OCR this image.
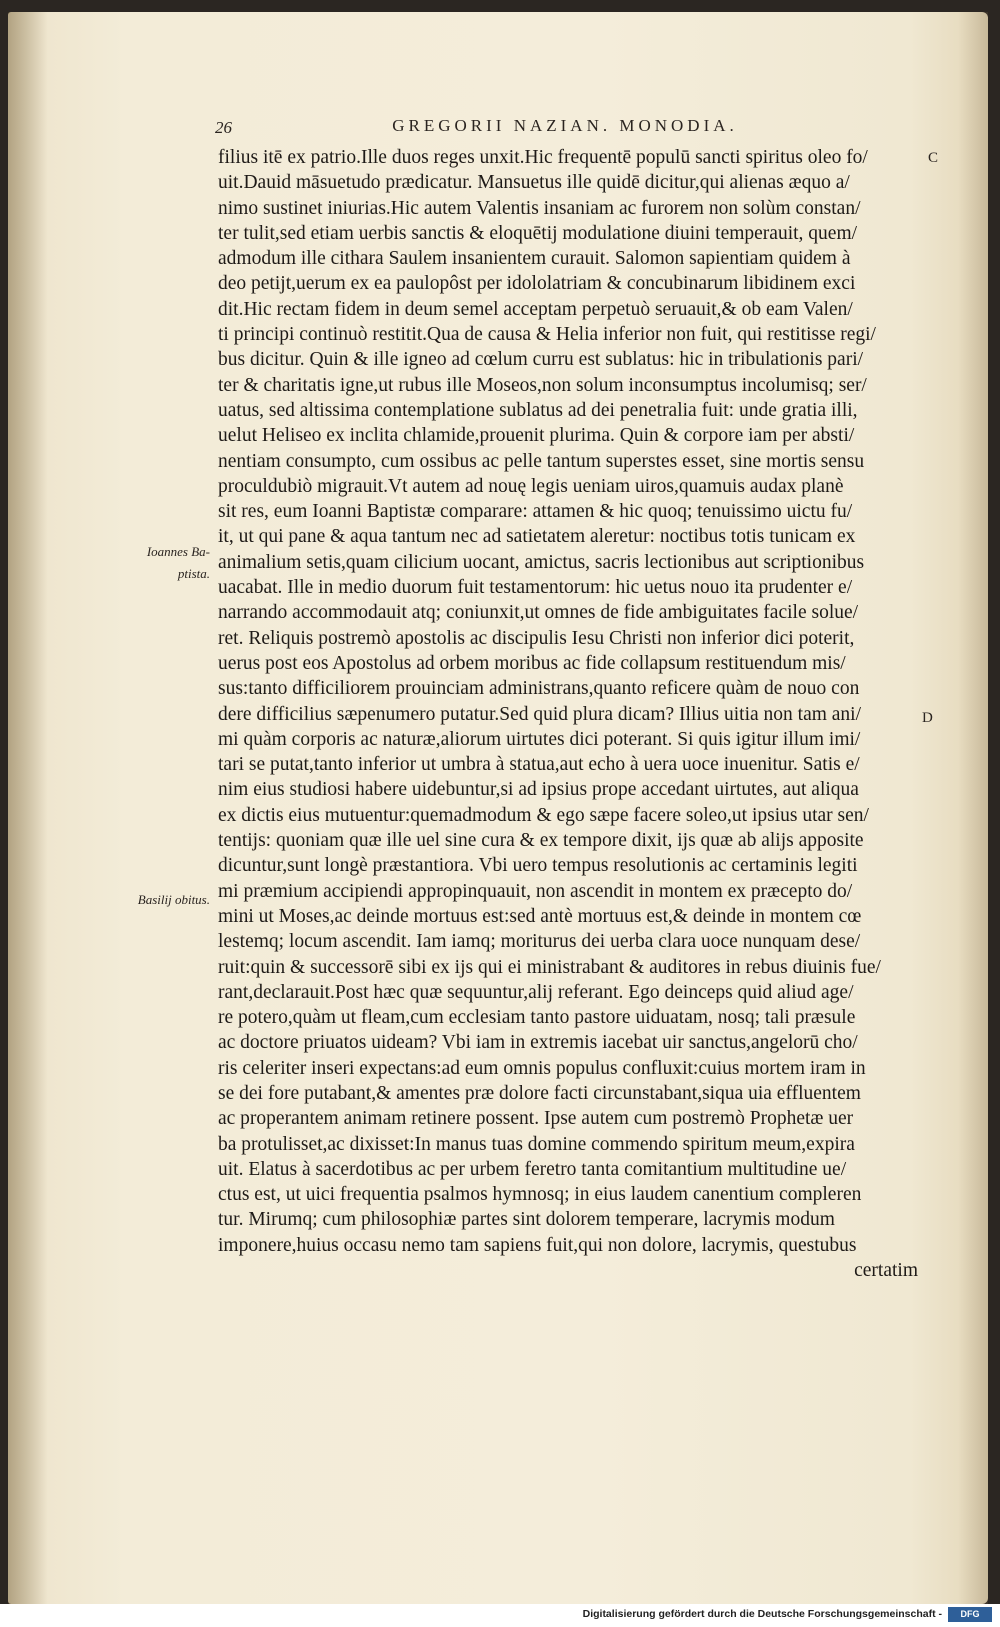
26	GREGORII NAZIAN. MONODIA.
C
D
Ioannes Ba-
ptista.
Basilij obitus.
filius itē ex patrio.Ille duos reges unxit.Hic frequentē populū sancti spiritus oleo fo/
uit.Dauid māsuetudo prædicatur. Mansuetus ille quidē dicitur,qui alienas æquo a/
nimo sustinet iniurias.Hic autem Valentis insaniam ac furorem non solùm constan/
ter tulit,sed etiam uerbis sanctis & eloquētij modulatione diuini temperauit, quem/
admodum ille cithara Saulem insanientem curauit. Salomon sapientiam quidem à
deo petijt,uerum ex ea paulopôst per idololatriam & concubinarum libidinem exci
dit.Hic rectam fidem in deum semel acceptam perpetuò seruauit,& ob eam Valen/
ti principi continuò restitit.Qua de causa & Helia inferior non fuit, qui restitisse regi/
bus dicitur. Quin & ille igneo ad cœlum curru est sublatus: hic in tribulationis pari/
ter & charitatis igne,ut rubus ille Moseos,non solum inconsumptus incolumisq; ser/
uatus, sed altissima contemplatione sublatus ad dei penetralia fuit: unde gratia illi,
uelut Heliseo ex inclita chlamide,prouenit plurima. Quin & corpore iam per absti/
nentiam consumpto, cum ossibus ac pelle tantum superstes esset, sine mortis sensu
proculdubiò migrauit.Vt autem ad nouę legis ueniam uiros,quamuis audax planè
sit res, eum Ioanni Baptistæ comparare: attamen & hic quoq; tenuissimo uictu fu/
it, ut qui pane & aqua tantum nec ad satietatem aleretur: noctibus totis tunicam ex
animalium setis,quam cilicium uocant, amictus, sacris lectionibus aut scriptionibus
uacabat. Ille in medio duorum fuit testamentorum: hic uetus nouo ita prudenter e/
narrando accommodauit atq; coniunxit,ut omnes de fide ambiguitates facile solue/
ret. Reliquis postremò apostolis ac discipulis Iesu Christi non inferior dici poterit,
uerus post eos Apostolus ad orbem moribus ac fide collapsum restituendum mis/
sus:tanto difficiliorem prouinciam administrans,quanto reficere quàm de nouo con
dere difficilius sæpenumero putatur.Sed quid plura dicam? Illius uitia non tam ani/
mi quàm corporis ac naturæ,aliorum uirtutes dici poterant. Si quis igitur illum imi/
tari se putat,tanto inferior ut umbra à statua,aut echo à uera uoce inuenitur. Satis e/
nim eius studiosi habere uidebuntur,si ad ipsius prope accedant uirtutes, aut aliqua
ex dictis eius mutuentur:quemadmodum & ego sæpe facere soleo,ut ipsius utar sen/
tentijs: quoniam quæ ille uel sine cura & ex tempore dixit, ijs quæ ab alijs apposite
dicuntur,sunt longè præstantiora. Vbi uero tempus resolutionis ac certaminis legiti
mi præmium accipiendi appropinquauit, non ascendit in montem ex præcepto do/
mini ut Moses,ac deinde mortuus est:sed antè mortuus est,& deinde in montem cœ
lestemq; locum ascendit. Iam iamq; moriturus dei uerba clara uoce nunquam dese/
ruit:quin & successorē sibi ex ijs qui ei ministrabant & auditores in rebus diuinis fue/
rant,declarauit.Post hæc quæ sequuntur,alij referant. Ego deinceps quid aliud age/
re potero,quàm ut fleam,cum ecclesiam tanto pastore uiduatam, nosq; tali præsule
ac doctore priuatos uideam? Vbi iam in extremis iacebat uir sanctus,angelorū cho/
ris celeriter inseri expectans:ad eum omnis populus confluxit:cuius mortem iram in
se dei fore putabant,& amentes præ dolore facti circunstabant,siqua uia effluentem
ac properantem animam retinere possent. Ipse autem cum postremò Prophetæ uer
ba protulisset,ac dixisset:In manus tuas domine commendo spiritum meum,expira
uit. Elatus à sacerdotibus ac per urbem feretro tanta comitantium multitudine ue/
ctus est, ut uici frequentia psalmos hymnosq; in eius laudem canentium compleren
tur. Mirumq; cum philosophiæ partes sint dolorem temperare, lacrymis modum
imponere,huius occasu nemo tam sapiens fuit,qui non dolore, lacrymis, questubus
certatim
Digitalisierung gefördert durch die Deutsche Forschungsgemeinschaft -	DFG
